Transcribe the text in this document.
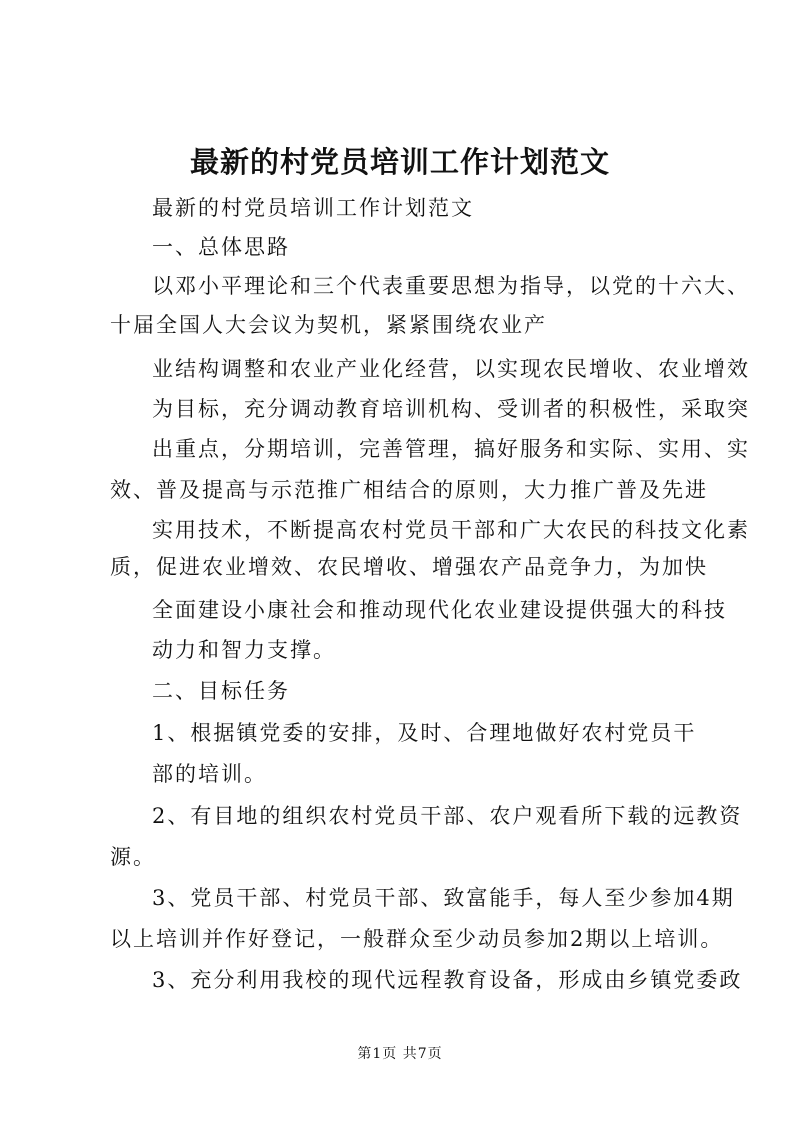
最新的村党员培训工作计划范文
最新的村党员培训工作计划范文
一、总体思路
以邓小平理论和三个代表重要思想为指导，以党的十六大、
十届全国人大会议为契机，紧紧围绕农业产
业结构调整和农业产业化经营，以实现农民增收、农业增效
为目标，充分调动教育培训机构、受训者的积极性，采取突
出重点，分期培训，完善管理，搞好服务和实际、实用、实
效、普及提高与示范推广相结合的原则，大力推广普及先进
实用技术，不断提高农村党员干部和广大农民的科技文化素
质，促进农业增效、农民增收、增强农产品竞争力，为加快
全面建设小康社会和推动现代化农业建设提供强大的科技
动力和智力支撑。
二、目标任务
1、根据镇党委的安排，及时、合理地做好农村党员干
部的培训。
2、有目地的组织农村党员干部、农户观看所下载的远教资
源。
3、党员干部、村党员干部、致富能手，每人至少参加4期
以上培训并作好登记，一般群众至少动员参加2期以上培训。
3、充分利用我校的现代远程教育设备，形成由乡镇党委政
第1页 共7页
